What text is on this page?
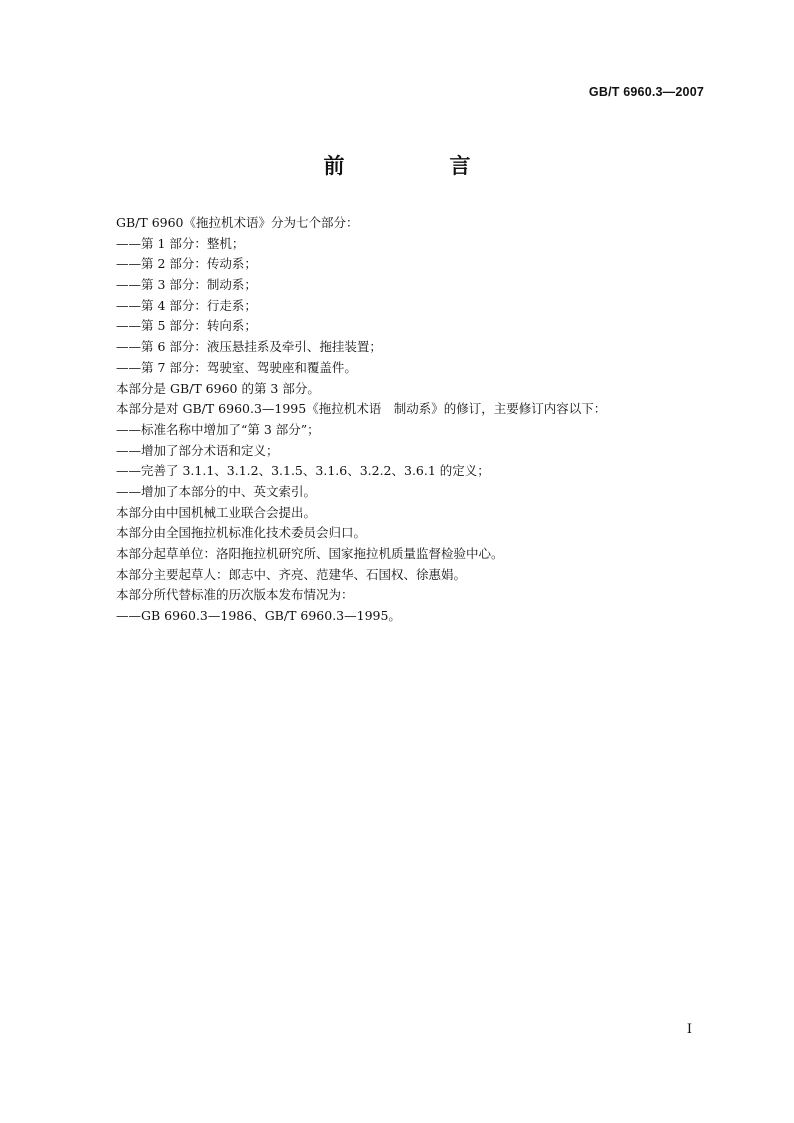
GB/T 6960.3—2007
前　言
GB/T 6960《拖拉机术语》分为七个部分：
——第 1 部分：整机；
——第 2 部分：传动系；
——第 3 部分：制动系；
——第 4 部分：行走系；
——第 5 部分：转向系；
——第 6 部分：液压悬挂系及牵引、拖挂装置；
——第 7 部分：驾驶室、驾驶座和覆盖件。
本部分是 GB/T 6960 的第 3 部分。
本部分是对 GB/T 6960.3—1995《拖拉机术语　制动系》的修订，主要修订内容以下：
——标准名称中增加了“第 3 部分”；
——增加了部分术语和定义；
——完善了 3.1.1、3.1.2、3.1.5、3.1.6、3.2.2、3.6.1 的定义；
——增加了本部分的中、英文索引。
本部分由中国机械工业联合会提出。
本部分由全国拖拉机标准化技术委员会归口。
本部分起草单位：洛阳拖拉机研究所、国家拖拉机质量监督检验中心。
本部分主要起草人：郎志中、齐亮、范建华、石国权、徐惠娟。
本部分所代替标准的历次版本发布情况为：
——GB 6960.3—1986、GB/T 6960.3—1995。
I
